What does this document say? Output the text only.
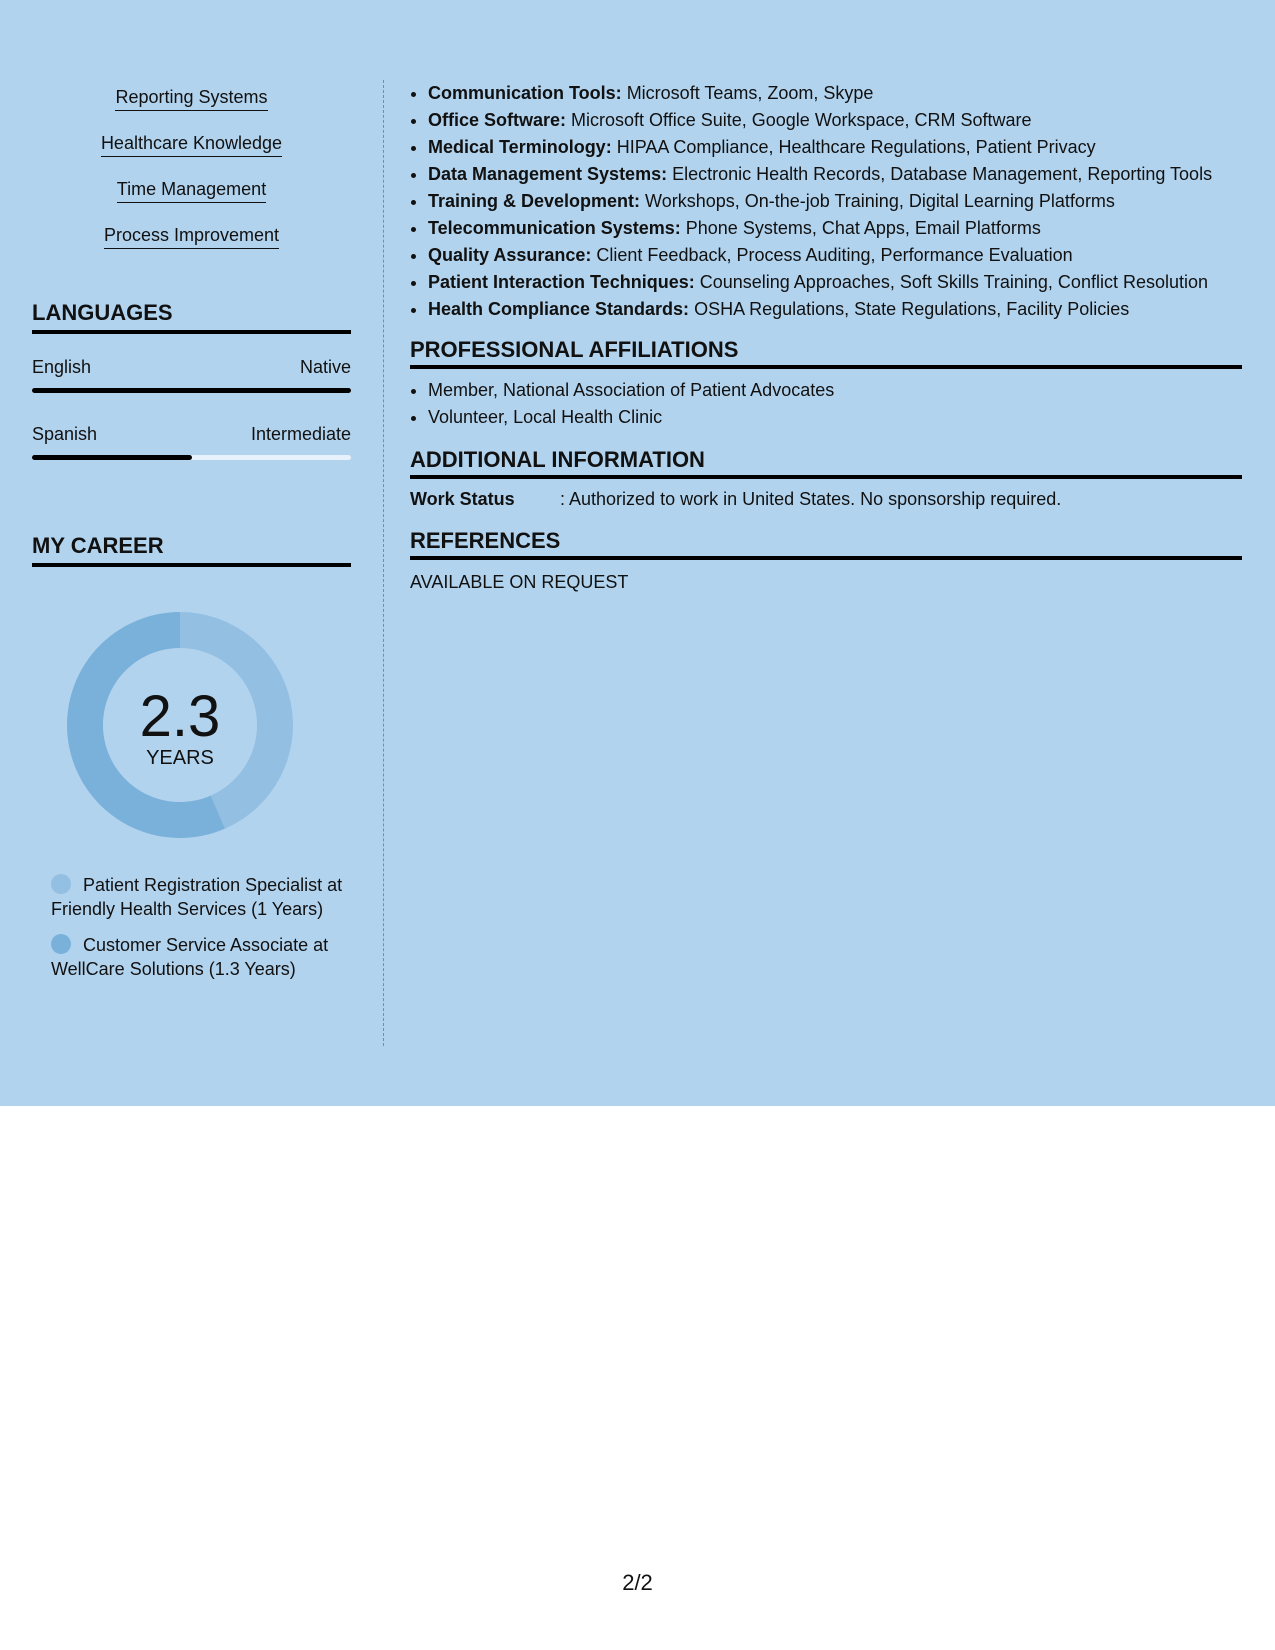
Reporting Systems
Healthcare Knowledge
Time Management
Process Improvement
LANGUAGES
English	Native
Spanish	Intermediate
MY CAREER
2.3
YEARS
Patient Registration Specialist at Friendly Health Services (1 Years)
Customer Service Associate at WellCare Solutions (1.3 Years)
• Communication Tools: Microsoft Teams, Zoom, Skype
• Office Software: Microsoft Office Suite, Google Workspace, CRM Software
• Medical Terminology: HIPAA Compliance, Healthcare Regulations, Patient Privacy
• Data Management Systems: Electronic Health Records, Database Management, Reporting Tools
• Training & Development: Workshops, On-the-job Training, Digital Learning Platforms
• Telecommunication Systems: Phone Systems, Chat Apps, Email Platforms
• Quality Assurance: Client Feedback, Process Auditing, Performance Evaluation
• Patient Interaction Techniques: Counseling Approaches, Soft Skills Training, Conflict Resolution
• Health Compliance Standards: OSHA Regulations, State Regulations, Facility Policies
PROFESSIONAL AFFILIATIONS
• Member, National Association of Patient Advocates
• Volunteer, Local Health Clinic
ADDITIONAL INFORMATION
Work Status	: Authorized to work in United States. No sponsorship required.
REFERENCES
AVAILABLE ON REQUEST
2/2
